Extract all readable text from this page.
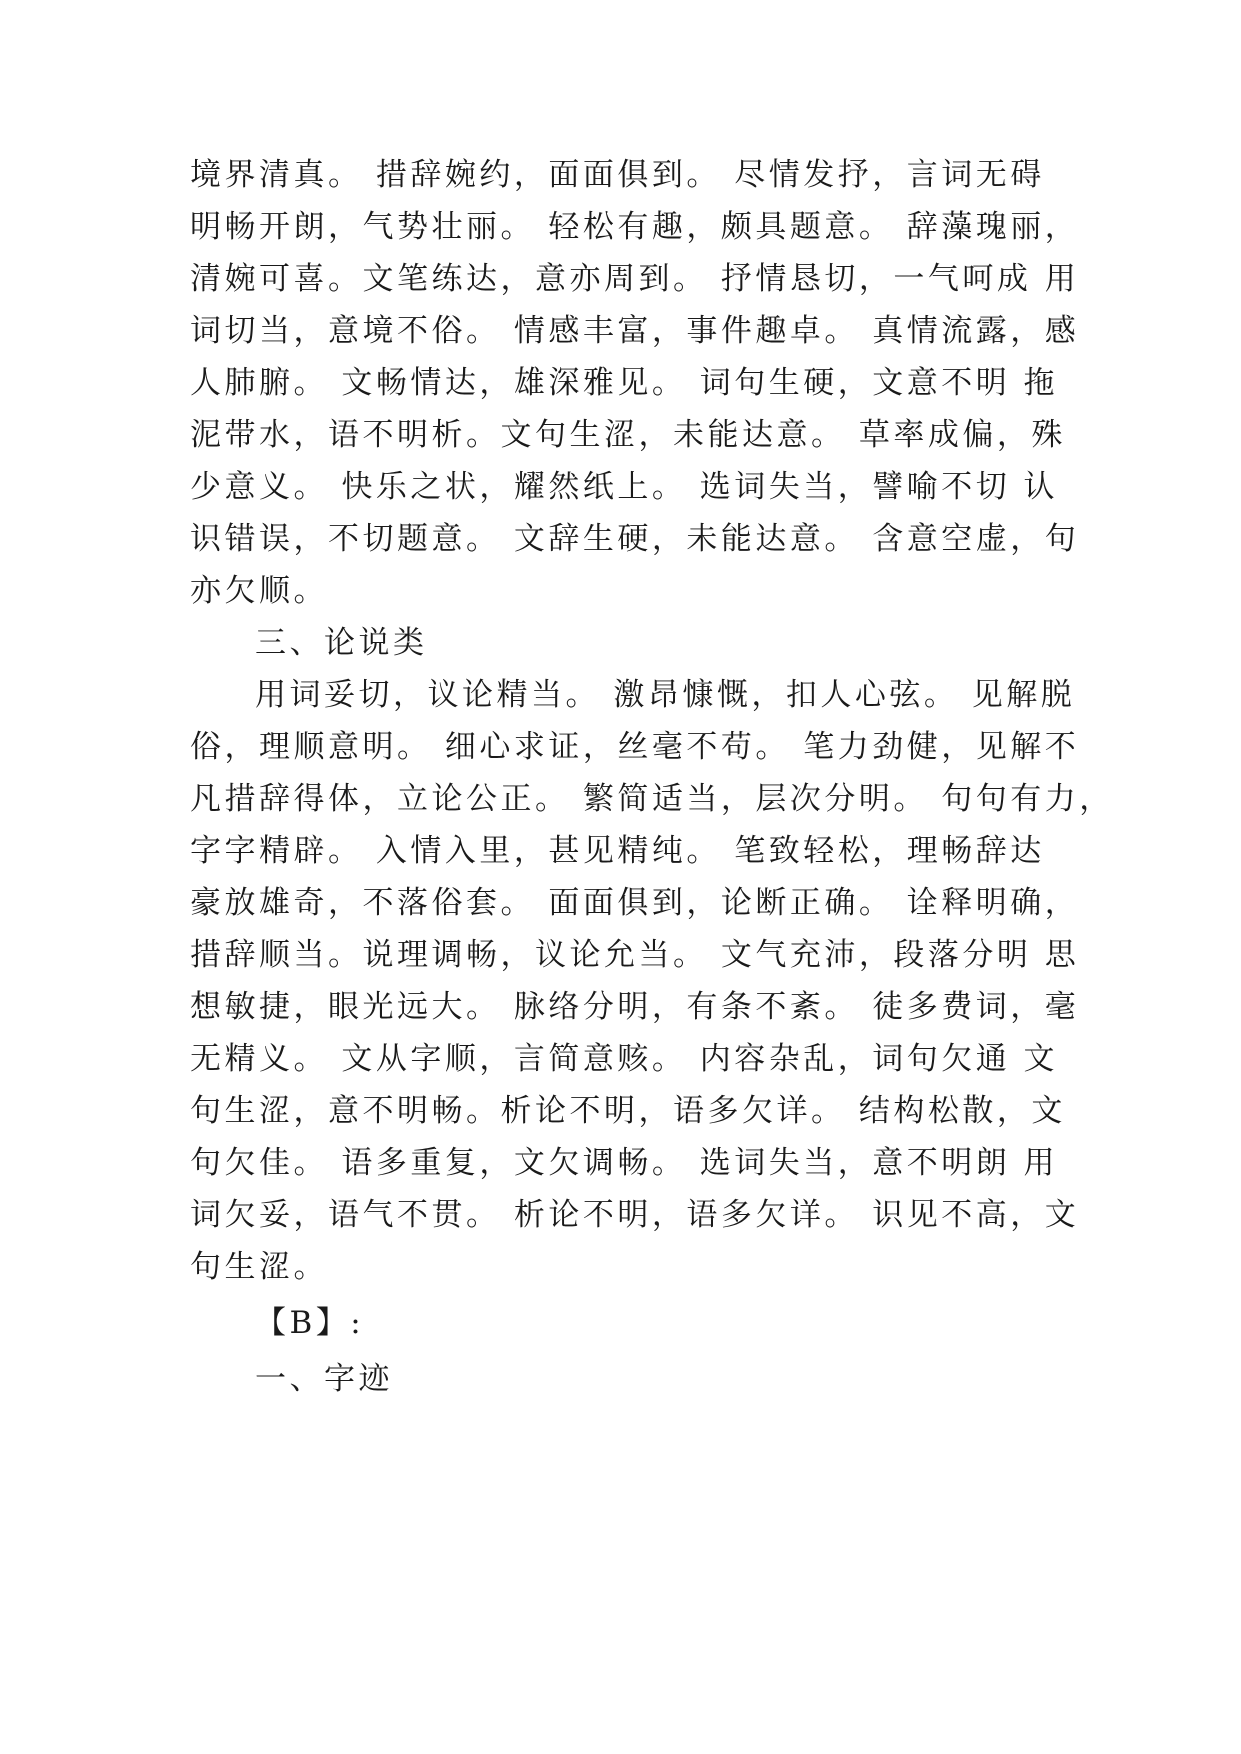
境界清真。 措辞婉约，面面俱到。 尽情发抒，言词无碍
明畅开朗，气势壮丽。 轻松有趣，颇具题意。 辞藻瑰丽，
清婉可喜。文笔练达，意亦周到。 抒情恳切，一气呵成 用
词切当，意境不俗。 情感丰富，事件趣卓。 真情流露，感
人肺腑。 文畅情达，雄深雅见。 词句生硬，文意不明 拖
泥带水，语不明析。文句生涩，未能达意。 草率成偏，殊
少意义。 快乐之状，耀然纸上。 选词失当，譬喻不切 认
识错误，不切题意。 文辞生硬，未能达意。 含意空虚，句
亦欠顺。
三、论说类
用词妥切，议论精当。 激昂慷慨，扣人心弦。 见解脱
俗，理顺意明。 细心求证，丝毫不苟。 笔力劲健，见解不
凡措辞得体，立论公正。 繁简适当，层次分明。 句句有力，
字字精辟。 入情入里，甚见精纯。 笔致轻松，理畅辞达
豪放雄奇，不落俗套。 面面俱到，论断正确。 诠释明确，
措辞顺当。说理调畅，议论允当。 文气充沛，段落分明 思
想敏捷，眼光远大。 脉络分明，有条不紊。 徒多费词，毫
无精义。 文从字顺，言简意赅。 内容杂乱，词句欠通 文
句生涩，意不明畅。析论不明，语多欠详。 结构松散，文
句欠佳。 语多重复，文欠调畅。 选词失当，意不明朗 用
词欠妥，语气不贯。 析论不明，语多欠详。 识见不高，文
句生涩。
【B】:
一、字迹
